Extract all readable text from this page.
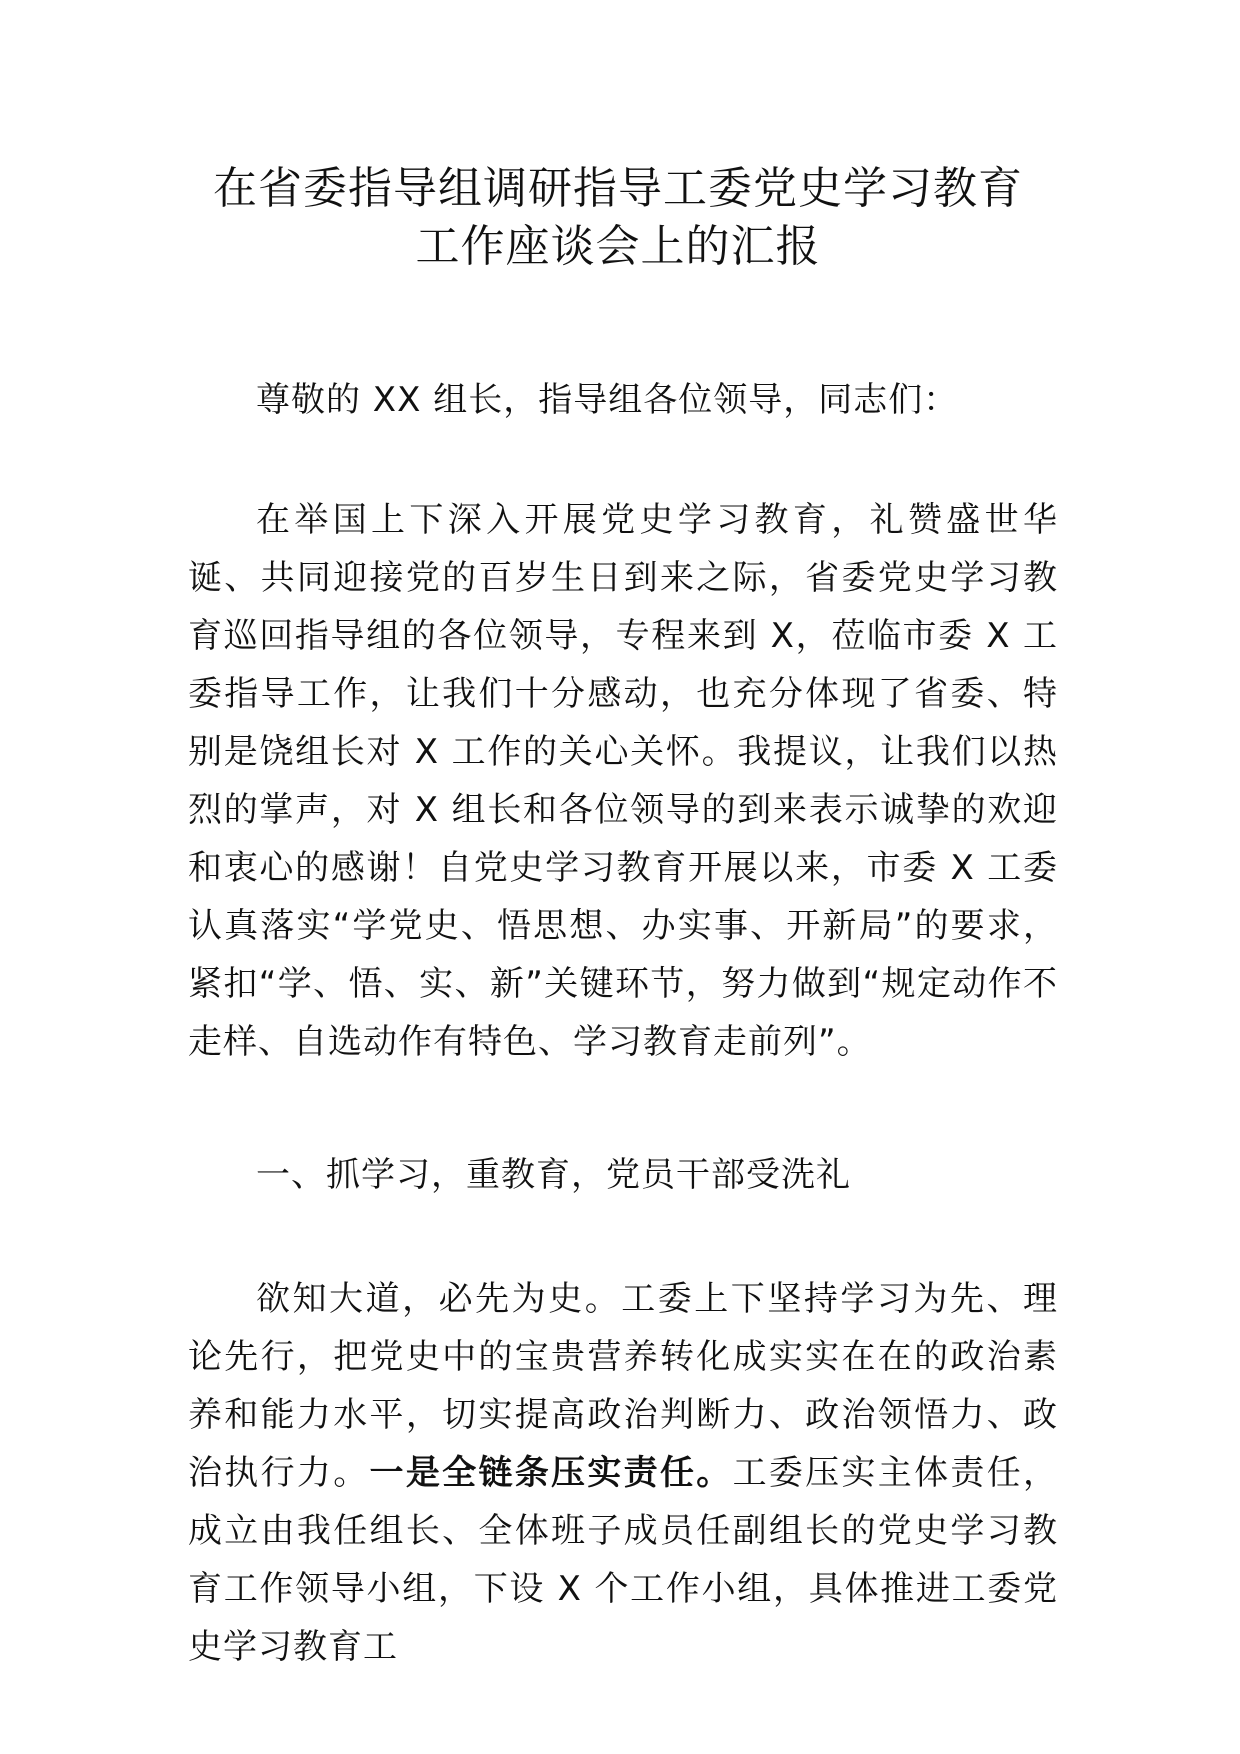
在省委指导组调研指导工委党史学习教育
工作座谈会上的汇报

尊敬的 XX 组长，指导组各位领导，同志们：

在举国上下深入开展党史学习教育，礼赞盛世华诞、共同迎接党的百岁生日到来之际，省委党史学习教育巡回指导组的各位领导，专程来到 X，莅临市委 X 工委指导工作，让我们十分感动，也充分体现了省委、特别是饶组长对 X 工作的关心关怀。我提议，让我们以热烈的掌声，对 X 组长和各位领导的到来表示诚挚的欢迎和衷心的感谢！自党史学习教育开展以来，市委 X 工委认真落实“学党史、悟思想、办实事、开新局”的要求，紧扣“学、悟、实、新”关键环节，努力做到“规定动作不走样、自选动作有特色、学习教育走前列”。

一、抓学习，重教育，党员干部受洗礼

欲知大道，必先为史。工委上下坚持学习为先、理论先行，把党史中的宝贵营养转化成实实在在的政治素养和能力水平，切实提高政治判断力、政治领悟力、政治执行力。一是全链条压实责任。工委压实主体责任，成立由我任组长、全体班子成员任副组长的党史学习教育工作领导小组，下设 X 个工作小组，具体推进工委党史学习教育工
